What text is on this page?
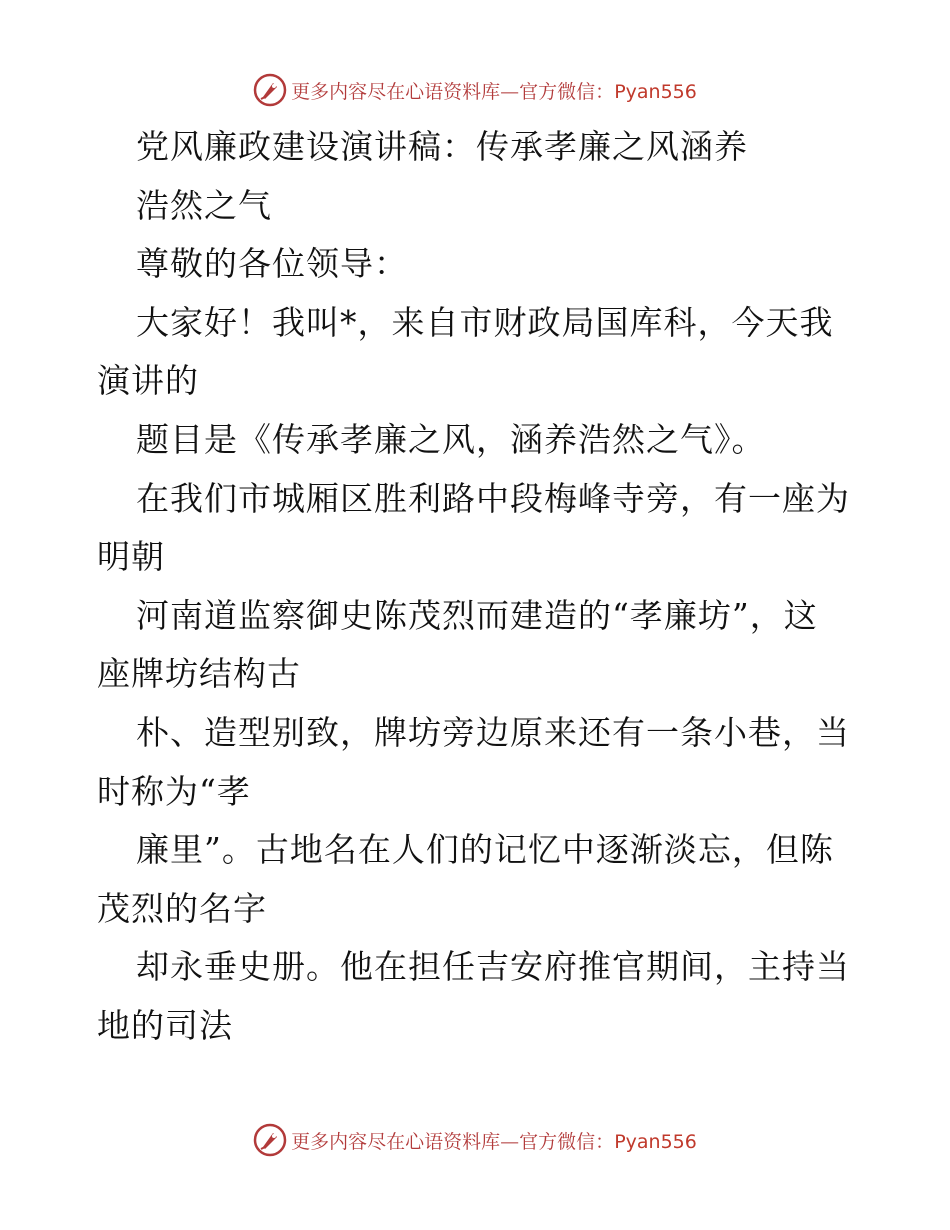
更多内容尽在心语资料库—官方微信：Pyan556
党风廉政建设演讲稿：传承孝廉之风涵养
浩然之气
尊敬的各位领导：
大家好！我叫*，来自市财政局国库科，今天我
演讲的
题目是《传承孝廉之风，涵养浩然之气》。
在我们市城厢区胜利路中段梅峰寺旁，有一座为
明朝
河南道监察御史陈茂烈而建造的“孝廉坊”，这
座牌坊结构古
朴、造型别致，牌坊旁边原来还有一条小巷，当
时称为“孝
廉里”。古地名在人们的记忆中逐渐淡忘，但陈
茂烈的名字
却永垂史册。他在担任吉安府推官期间，主持当
地的司法
更多内容尽在心语资料库—官方微信：Pyan556
